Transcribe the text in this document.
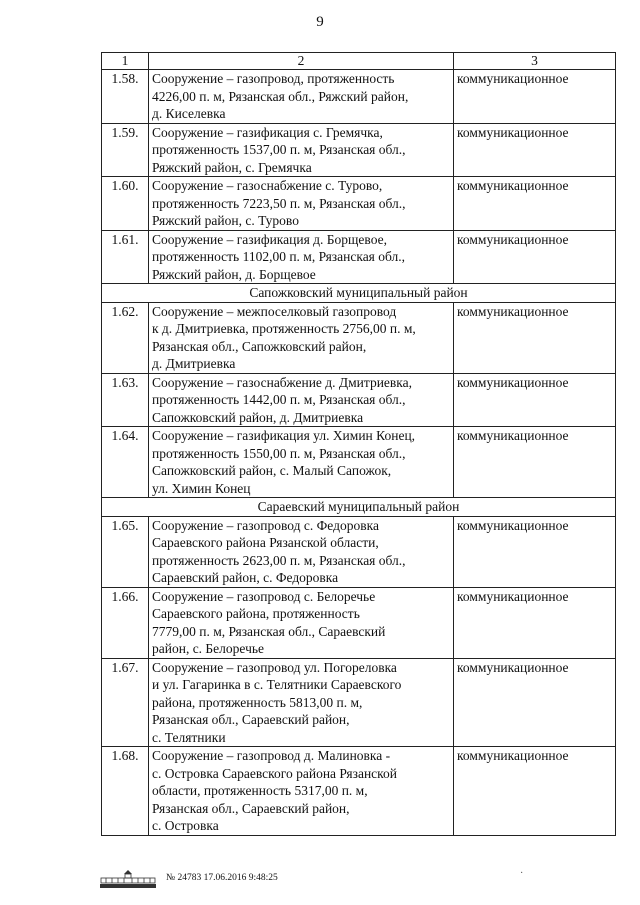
9
1	2	3
1.58.	Сооружение – газопровод, протяженность
4226,00 п. м, Рязанская обл., Ряжский район,
д. Киселевка	коммуникационное
1.59.	Сооружение – газификация с. Гремячка,
протяженность 1537,00 п. м, Рязанская обл.,
Ряжский район, с. Гремячка	коммуникационное
1.60.	Сооружение – газоснабжение с. Турово,
протяженность 7223,50 п. м, Рязанская обл.,
Ряжский район, с. Турово	коммуникационное
1.61.	Сооружение – газификация д. Борщевое,
протяженность 1102,00 п. м, Рязанская обл.,
Ряжский район, д. Борщевое	коммуникационное
Сапожковский муниципальный район		
1.62.	Сооружение – межпоселковый газопровод
к д. Дмитриевка, протяженность 2756,00 п. м,
Рязанская обл., Сапожковский район,
д. Дмитриевка	коммуникационное
1.63.	Сооружение – газоснабжение д. Дмитриевка,
протяженность 1442,00 п. м, Рязанская обл.,
Сапожковский район, д. Дмитриевка	коммуникационное
1.64.	Сооружение – газификация ул. Химин Конец,
протяженность 1550,00 п. м, Рязанская обл.,
Сапожковский район, с. Малый Сапожок,
ул. Химин Конец	коммуникационное
Сараевский муниципальный район		
1.65.	Сооружение – газопровод с. Федоровка
Сараевского района Рязанской области,
протяженность 2623,00 п. м, Рязанская обл.,
Сараевский район, с. Федоровка	коммуникационное
1.66.	Сооружение – газопровод с. Белоречье
Сараевского района, протяженность
7779,00 п. м, Рязанская обл., Сараевский
район, с. Белоречье	коммуникационное
1.67.	Сооружение – газопровод ул. Погореловка
и ул. Гагаринка в с. Телятники Сараевского
района, протяженность 5813,00 п. м,
Рязанская обл., Сараевский район,
с. Телятники	коммуникационное
1.68.	Сооружение – газопровод д. Малиновка -
с. Островка Сараевского района Рязанской
области, протяженность 5317,00 п. м,
Рязанская обл., Сараевский район,
с. Островка	коммуникационное
№ 24783 17.06.2016 9:48:25	·
